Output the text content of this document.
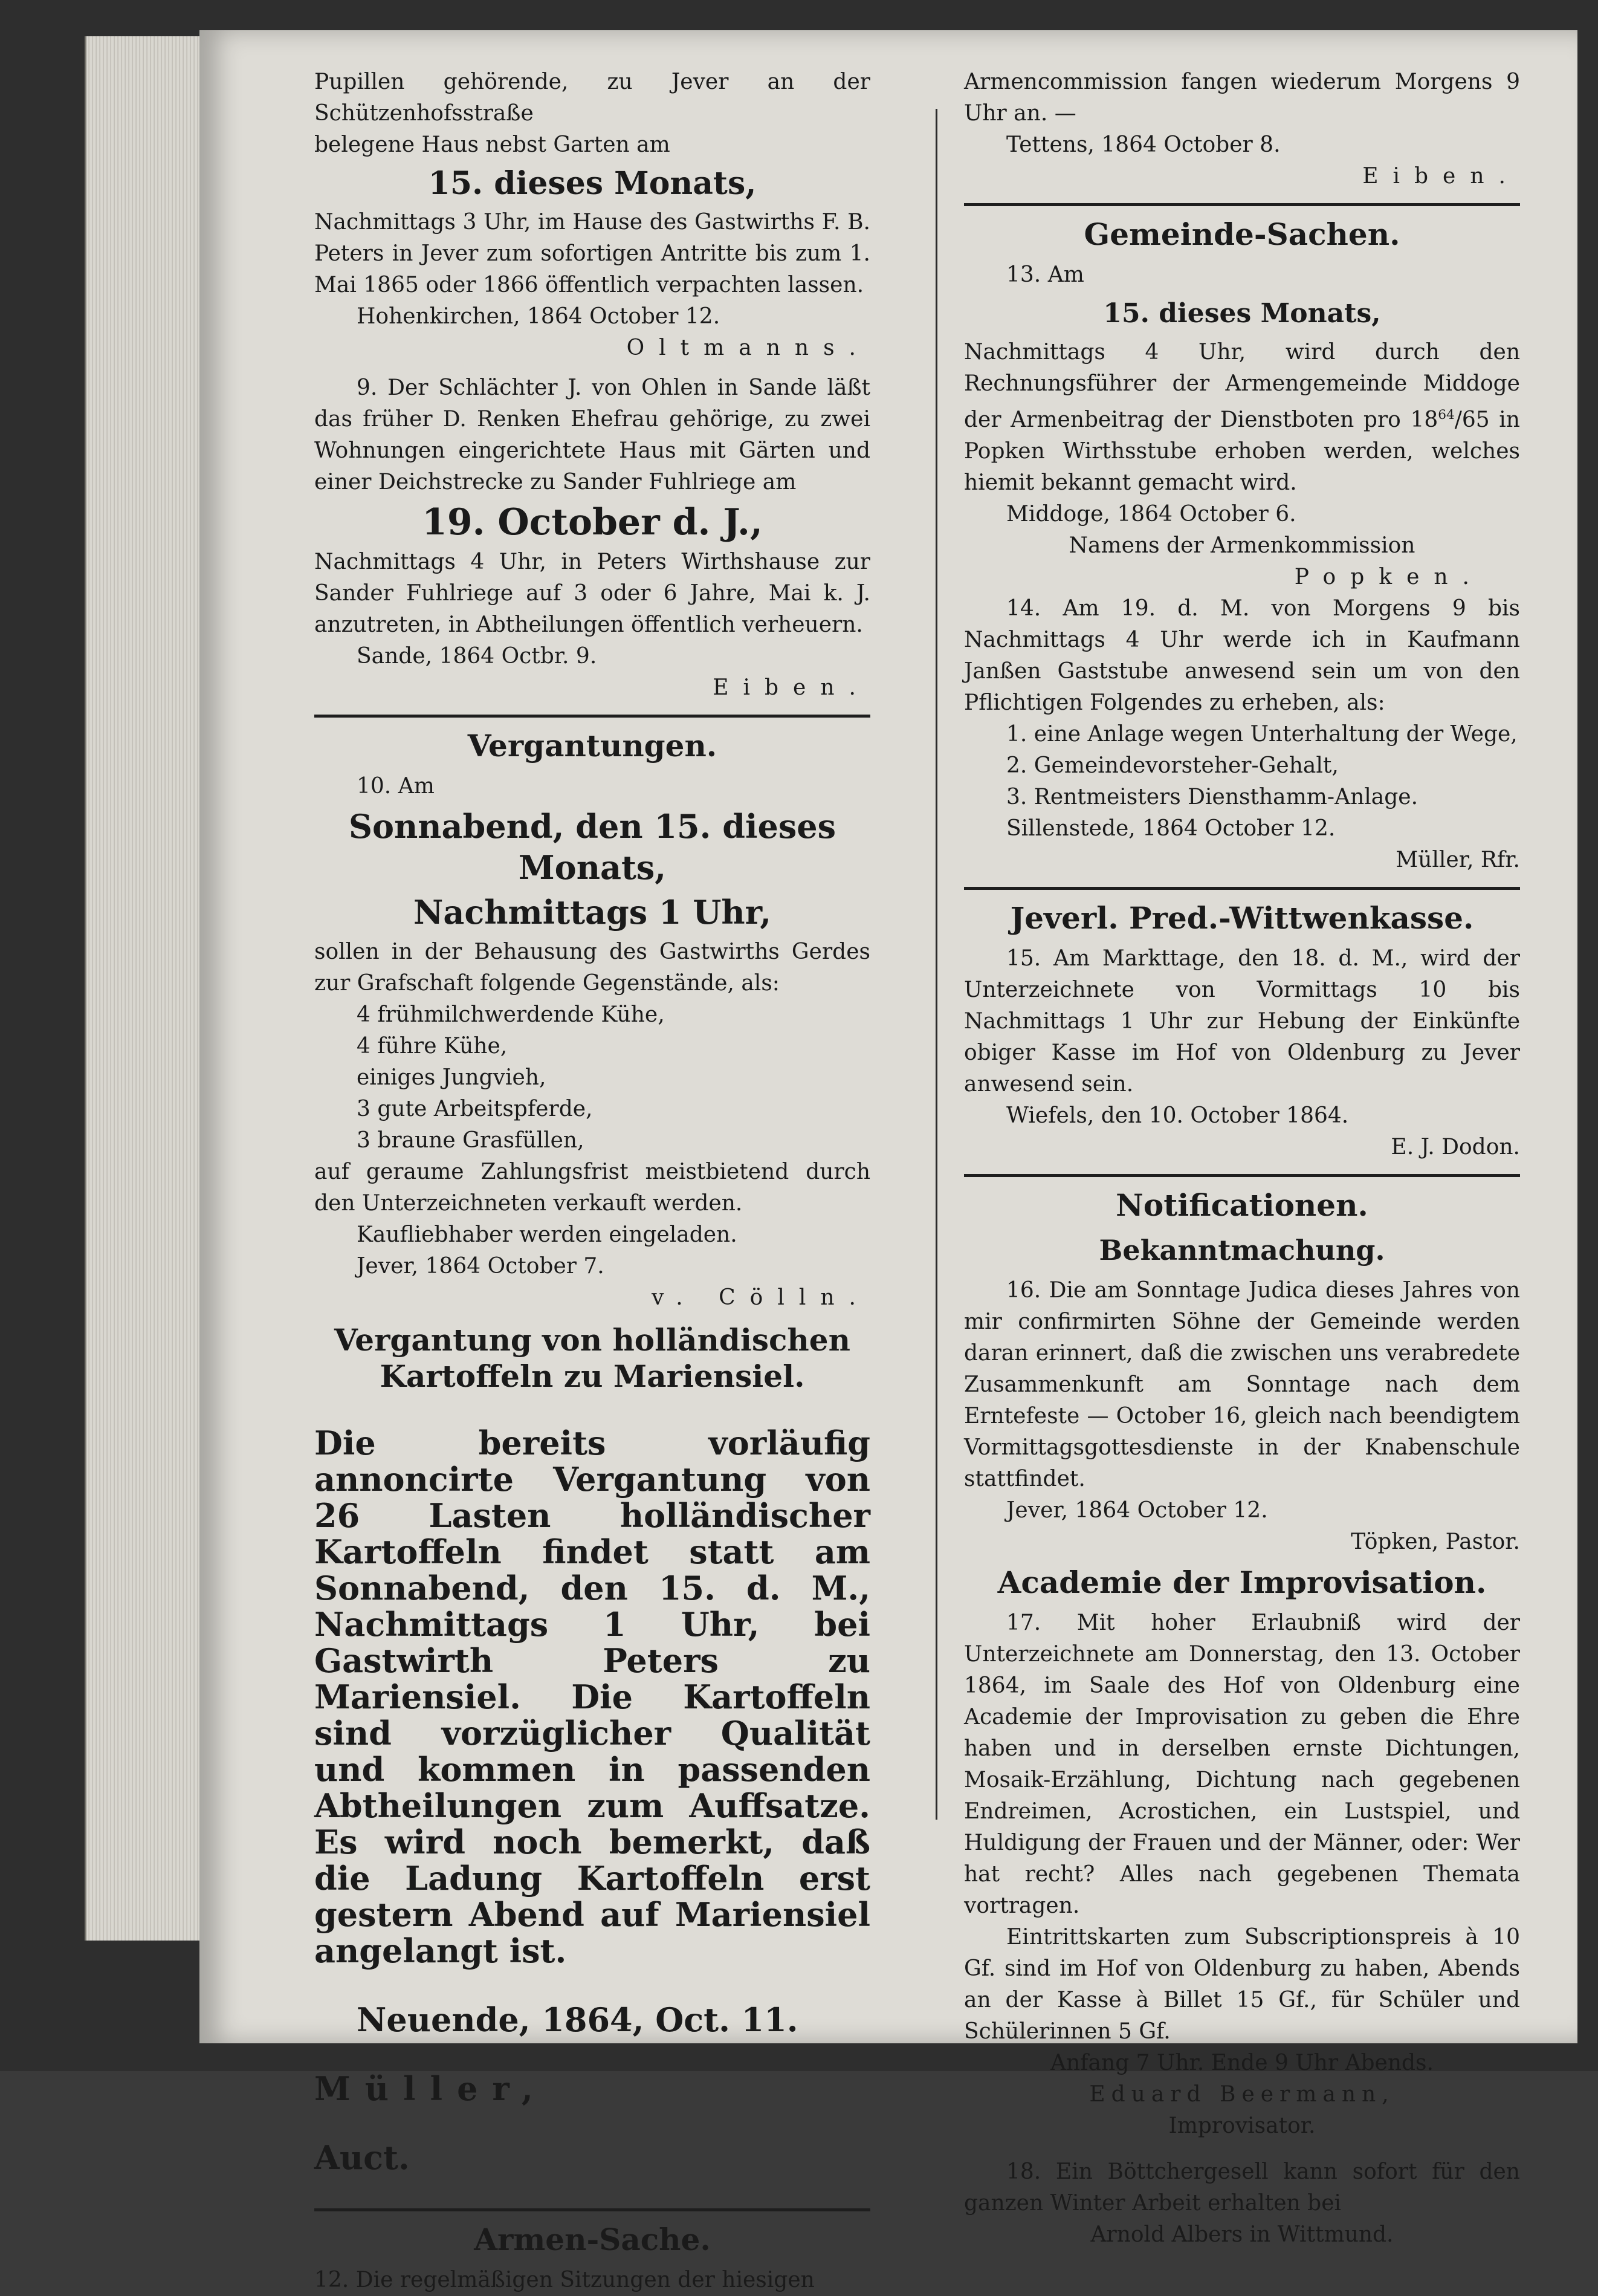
Pupillen gehörende, zu Jever an der Schützenhofsstraße

belegene Haus nebst Garten am

15. dieses Monats,

Nachmittags 3 Uhr, im Hause des Gastwirths F. B. Peters in Jever zum sofortigen Antritte bis zum 1. Mai 1865 oder 1866 öffentlich verpachten lassen.

Hohenkirchen, 1864 October 12.

Oltmanns.

9. Der Schlächter J. von Ohlen in Sande läßt das früher D. Renken Ehefrau gehörige, zu zwei Wohnungen eingerichtete Haus mit Gärten und einer Deichstrecke zu Sander Fuhlriege am

19. October d. J.,

Nachmittags 4 Uhr, in Peters Wirthshause zur Sander Fuhlriege auf 3 oder 6 Jahre, Mai k. J. anzutreten, in Abtheilungen öffentlich verheuern.

Sande, 1864 Octbr. 9.

Eiben.

Vergantungen.

10. Am

Sonnabend, den 15. dieses Monats,

Nachmittags 1 Uhr,

sollen in der Behausung des Gastwirths Gerdes zur Grafschaft folgende Gegenstände, als:

4 frühmilchwerdende Kühe,

4 führe Kühe,

einiges Jungvieh,

3 gute Arbeitspferde,

3 braune Grasfüllen,

auf geraume Zahlungsfrist meistbietend durch den Unterzeichneten verkauft werden.

Kaufliebhaber werden eingeladen.

Jever, 1864 October 7.

v. Cölln.

Vergantung von holländischen Kartoffeln zu Mariensiel.

Die bereits vorläufig annoncirte Vergantung von 26 Lasten holländischer Kartoffeln findet statt am Sonnabend, den 15. d. M., Nachmittags 1 Uhr, bei Gastwirth Peters zu Mariensiel. Die Kartoffeln sind vorzüglicher Qualität und kommen in passenden Abtheilungen zum Auffsatze. Es wird noch bemerkt, daß die Ladung Kartoffeln erst gestern Abend auf Mariensiel angelangt ist.

Neuende, 1864, Oct. 11.

Müller,

Auct.

Armen-Sache.

12. Die regelmäßigen Sitzungen der hiesigen

Armencommission fangen wiederum Morgens 9 Uhr an. —

Tettens, 1864 October 8.

Eiben.

Gemeinde-Sachen.

13. Am

15. dieses Monats,

Nachmittags 4 Uhr, wird durch den Rechnungsführer der Armengemeinde Middoge der Armenbeitrag der Dienstboten pro $18^{64}/65$ in Popken Wirthsstube erhoben werden, welches hiemit bekannt gemacht wird.

Middoge, 1864 October 6.

Namens der Armenkommission

Popken.

14. Am 19. d. M. von Morgens 9 bis Nachmittags 4 Uhr werde ich in Kaufmann Janßen Gaststube anwesend sein um von den Pflichtigen Folgendes zu erheben, als:

1. eine Anlage wegen Unterhaltung der Wege,

2. Gemeindevorsteher-Gehalt,

3. Rentmeisters Diensthamm-Anlage.

Sillenstede, 1864 October 12.

Müller, Rfr.

Jeverl. Pred.-Wittwenkasse.

15. Am Markttage, den 18. d. M., wird der Unterzeichnete von Vormittags 10 bis Nachmittags 1 Uhr zur Hebung der Einkünfte obiger Kasse im Hof von Oldenburg zu Jever anwesend sein.

Wiefels, den 10. October 1864.

E. J. Dodon.

Notificationen.

Bekanntmachung.

16. Die am Sonntage Judica dieses Jahres von mir confirmirten Söhne der Gemeinde werden daran erinnert, daß die zwischen uns verabredete Zusammenkunft am Sonntage nach dem Erntefeste — October 16, gleich nach beendigtem Vormittagsgottesdienste in der Knabenschule stattfindet.

Jever, 1864 October 12.

Töpken, Pastor.

Academie der Improvisation.

17. Mit hoher Erlaubniß wird der Unterzeichnete am Donnerstag, den 13. October 1864, im Saale des Hof von Oldenburg eine Academie der Improvisation zu geben die Ehre haben und in derselben ernste Dichtungen, Mosaik-Erzählung, Dichtung nach gegebenen Endreimen, Acrostichen, ein Lustspiel, und Huldigung der Frauen und der Männer, oder: Wer hat recht? Alles nach gegebenen Themata vortragen.

Eintrittskarten zum Subscriptionspreis à 10 Gf. sind im Hof von Oldenburg zu haben, Abends an der Kasse à Billet 15 Gf., für Schüler und Schülerinnen 5 Gf.

Anfang 7 Uhr. Ende 9 Uhr Abends.

Eduard Beermann,

Improvisator.

18. Ein Böttchergesell kann sofort für den ganzen Winter Arbeit erhalten bei

Arnold Albers in Wittmund.
